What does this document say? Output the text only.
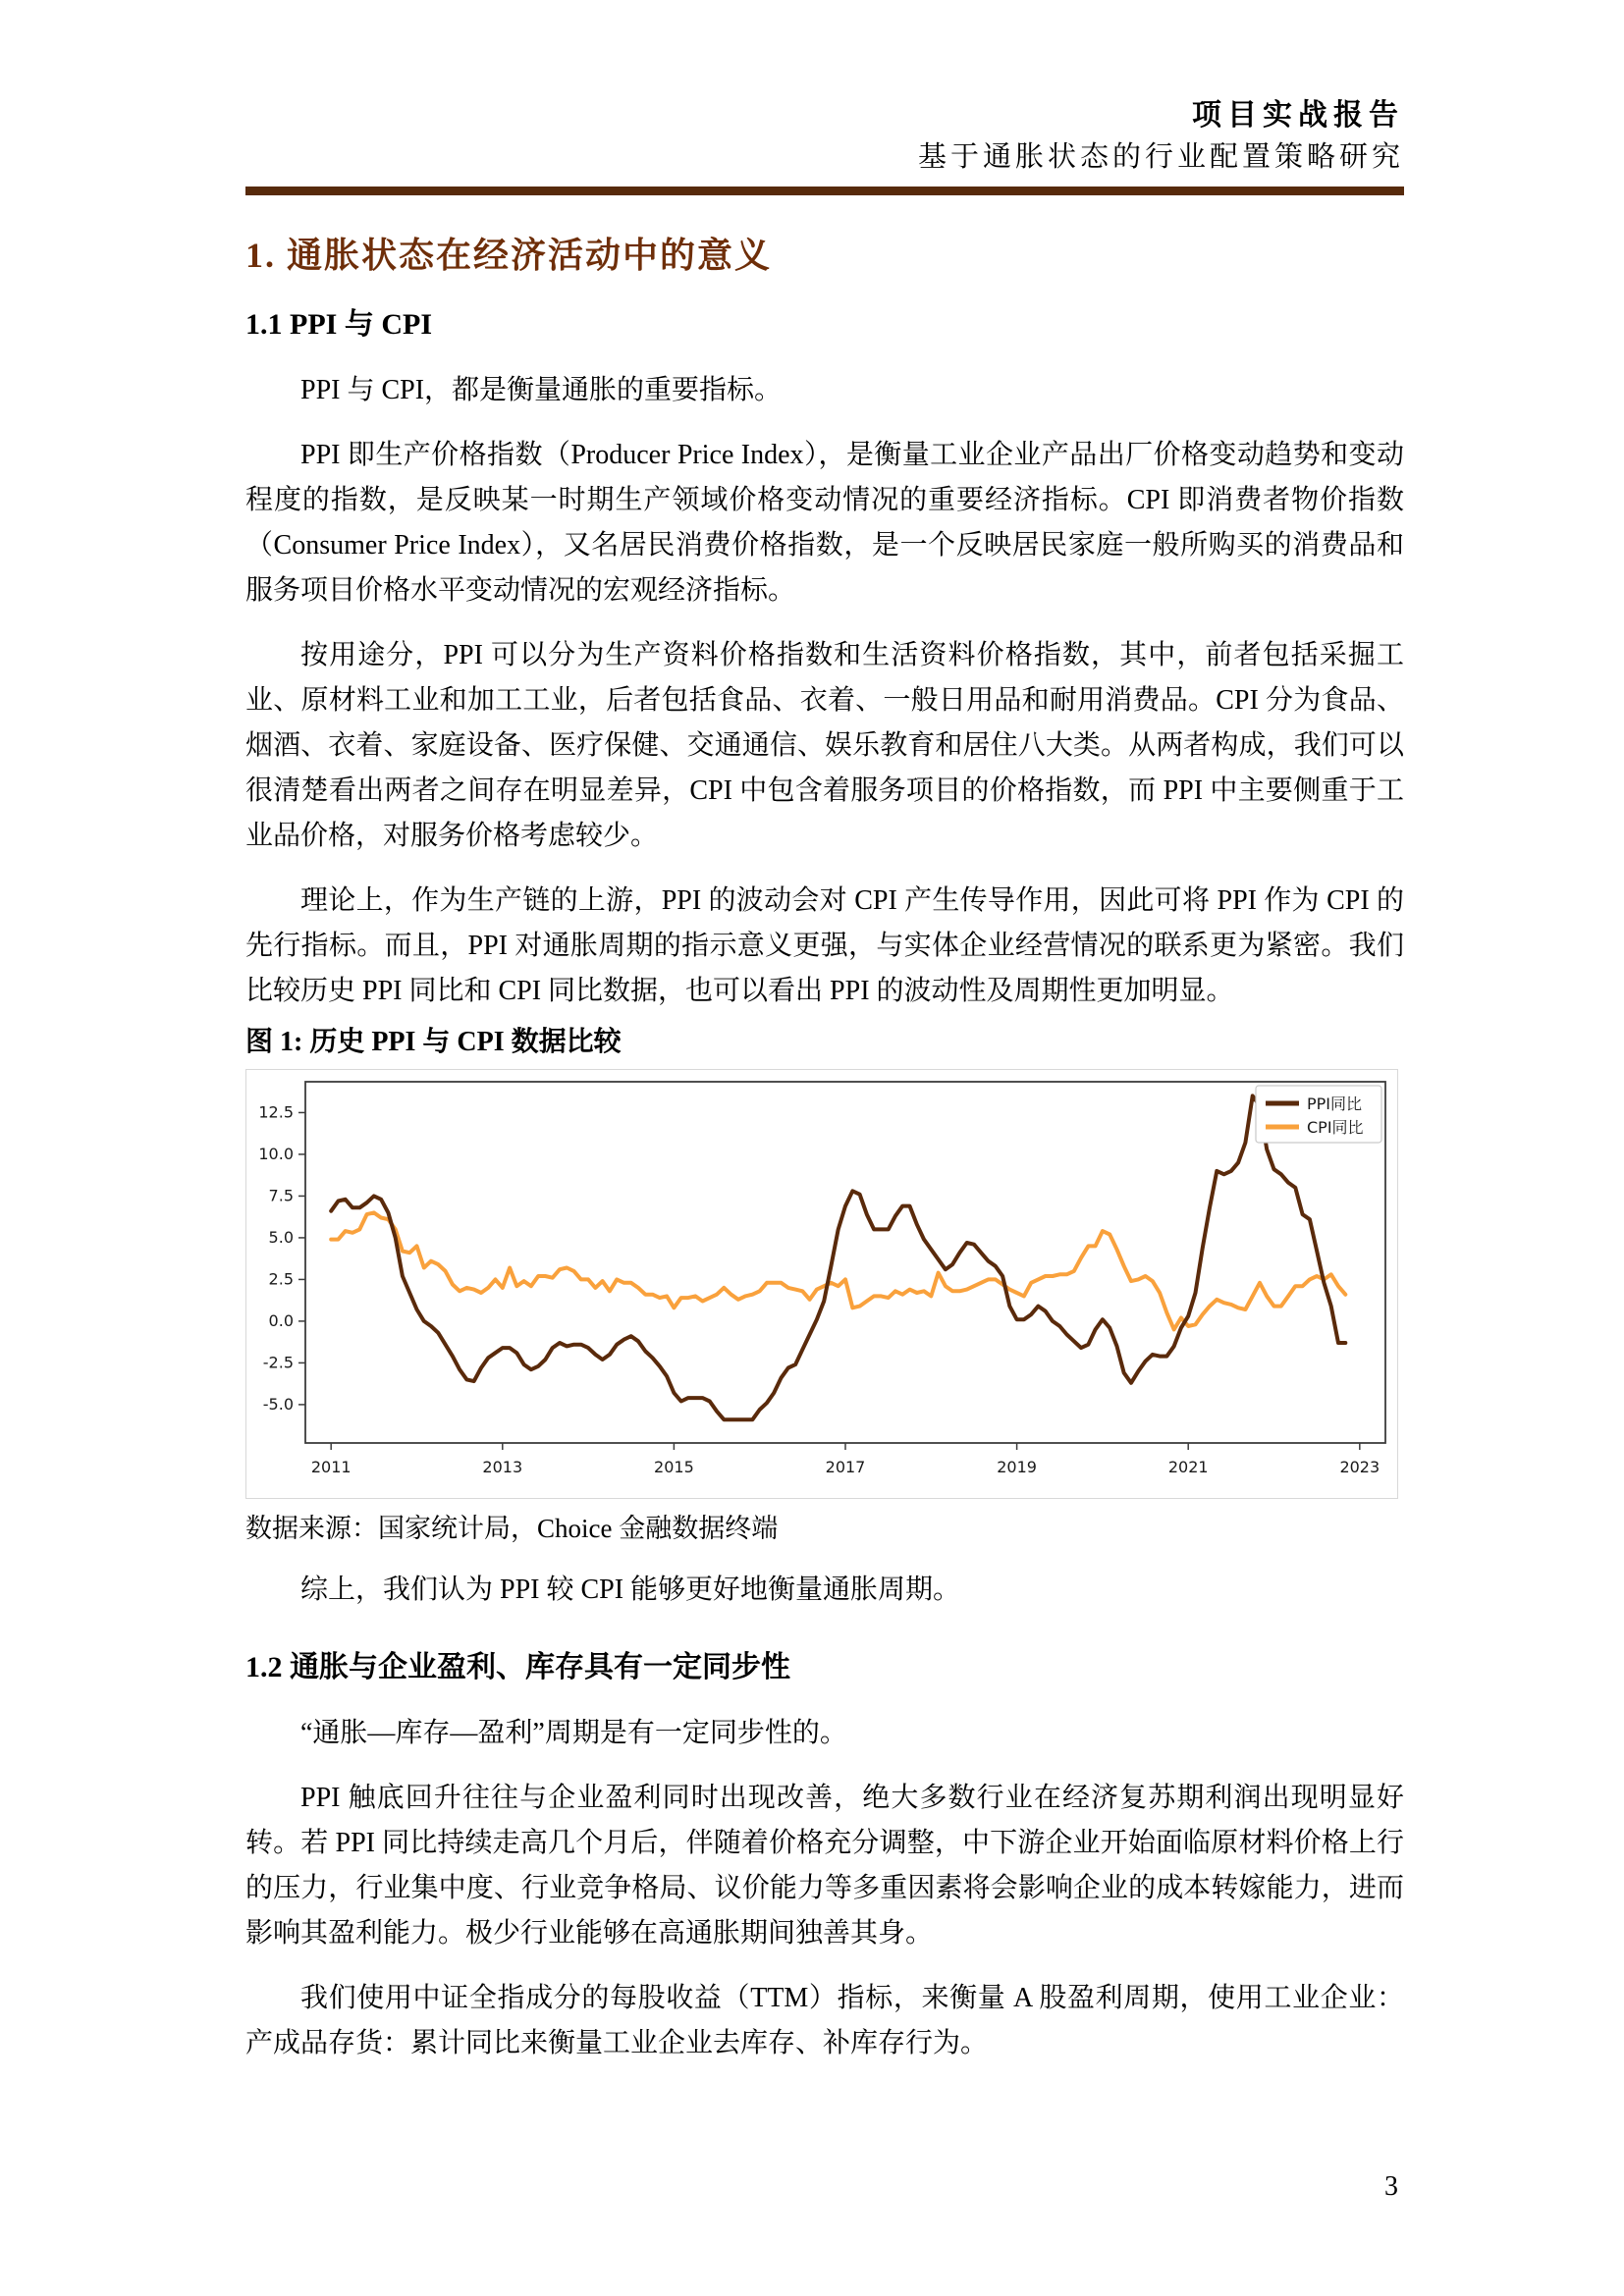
项目实战报告
基于通胀状态的行业配置策略研究
1. 通胀状态在经济活动中的意义
1.1 PPI 与 CPI

PPI 与 CPI，都是衡量通胀的重要指标。

PPI 即生产价格指数（Producer Price Index），是衡量工业企业产品出厂价格变动趋势和变动程度的指数，是反映某一时期生产领域价格变动情况的重要经济指标。CPI 即消费者物价指数（Consumer Price Index），又名居民消费价格指数，是一个反映居民家庭一般所购买的消费品和服务项目价格水平变动情况的宏观经济指标。

按用途分，PPI 可以分为生产资料价格指数和生活资料价格指数，其中，前者包括采掘工业、原材料工业和加工工业，后者包括食品、衣着、一般日用品和耐用消费品。CPI 分为食品、烟酒、衣着、家庭设备、医疗保健、交通通信、娱乐教育和居住八大类。从两者构成，我们可以很清楚看出两者之间存在明显差异，CPI 中包含着服务项目的价格指数，而 PPI 中主要侧重于工业品价格，对服务价格考虑较少。

理论上，作为生产链的上游，PPI 的波动会对 CPI 产生传导作用，因此可将 PPI 作为 CPI 的先行指标。而且，PPI 对通胀周期的指示意义更强，与实体企业经营情况的联系更为紧密。我们比较历史 PPI 同比和 CPI 同比数据，也可以看出 PPI 的波动性及周期性更加明显。

图 1: 历史 PPI 与 CPI 数据比较

-5.0
-2.5
0.0
2.5
5.0
7.5
10.0
12.5
2011	2013	2015	2017	2019	2021	2023
PPI同比
CPI同比

数据来源：国家统计局，Choice 金融数据终端

综上，我们认为 PPI 较 CPI 能够更好地衡量通胀周期。

1.2 通胀与企业盈利、库存具有一定同步性

“通胀—库存—盈利”周期是有一定同步性的。

PPI 触底回升往往与企业盈利同时出现改善，绝大多数行业在经济复苏期利润出现明显好转。若 PPI 同比持续走高几个月后，伴随着价格充分调整，中下游企业开始面临原材料价格上行的压力，行业集中度、行业竞争格局、议价能力等多重因素将会影响企业的成本转嫁能力，进而影响其盈利能力。极少行业能够在高通胀期间独善其身。

我们使用中证全指成分的每股收益（TTM）指标，来衡量 A 股盈利周期，使用工业企业：产成品存货：累计同比来衡量工业企业去库存、补库存行为。

3
